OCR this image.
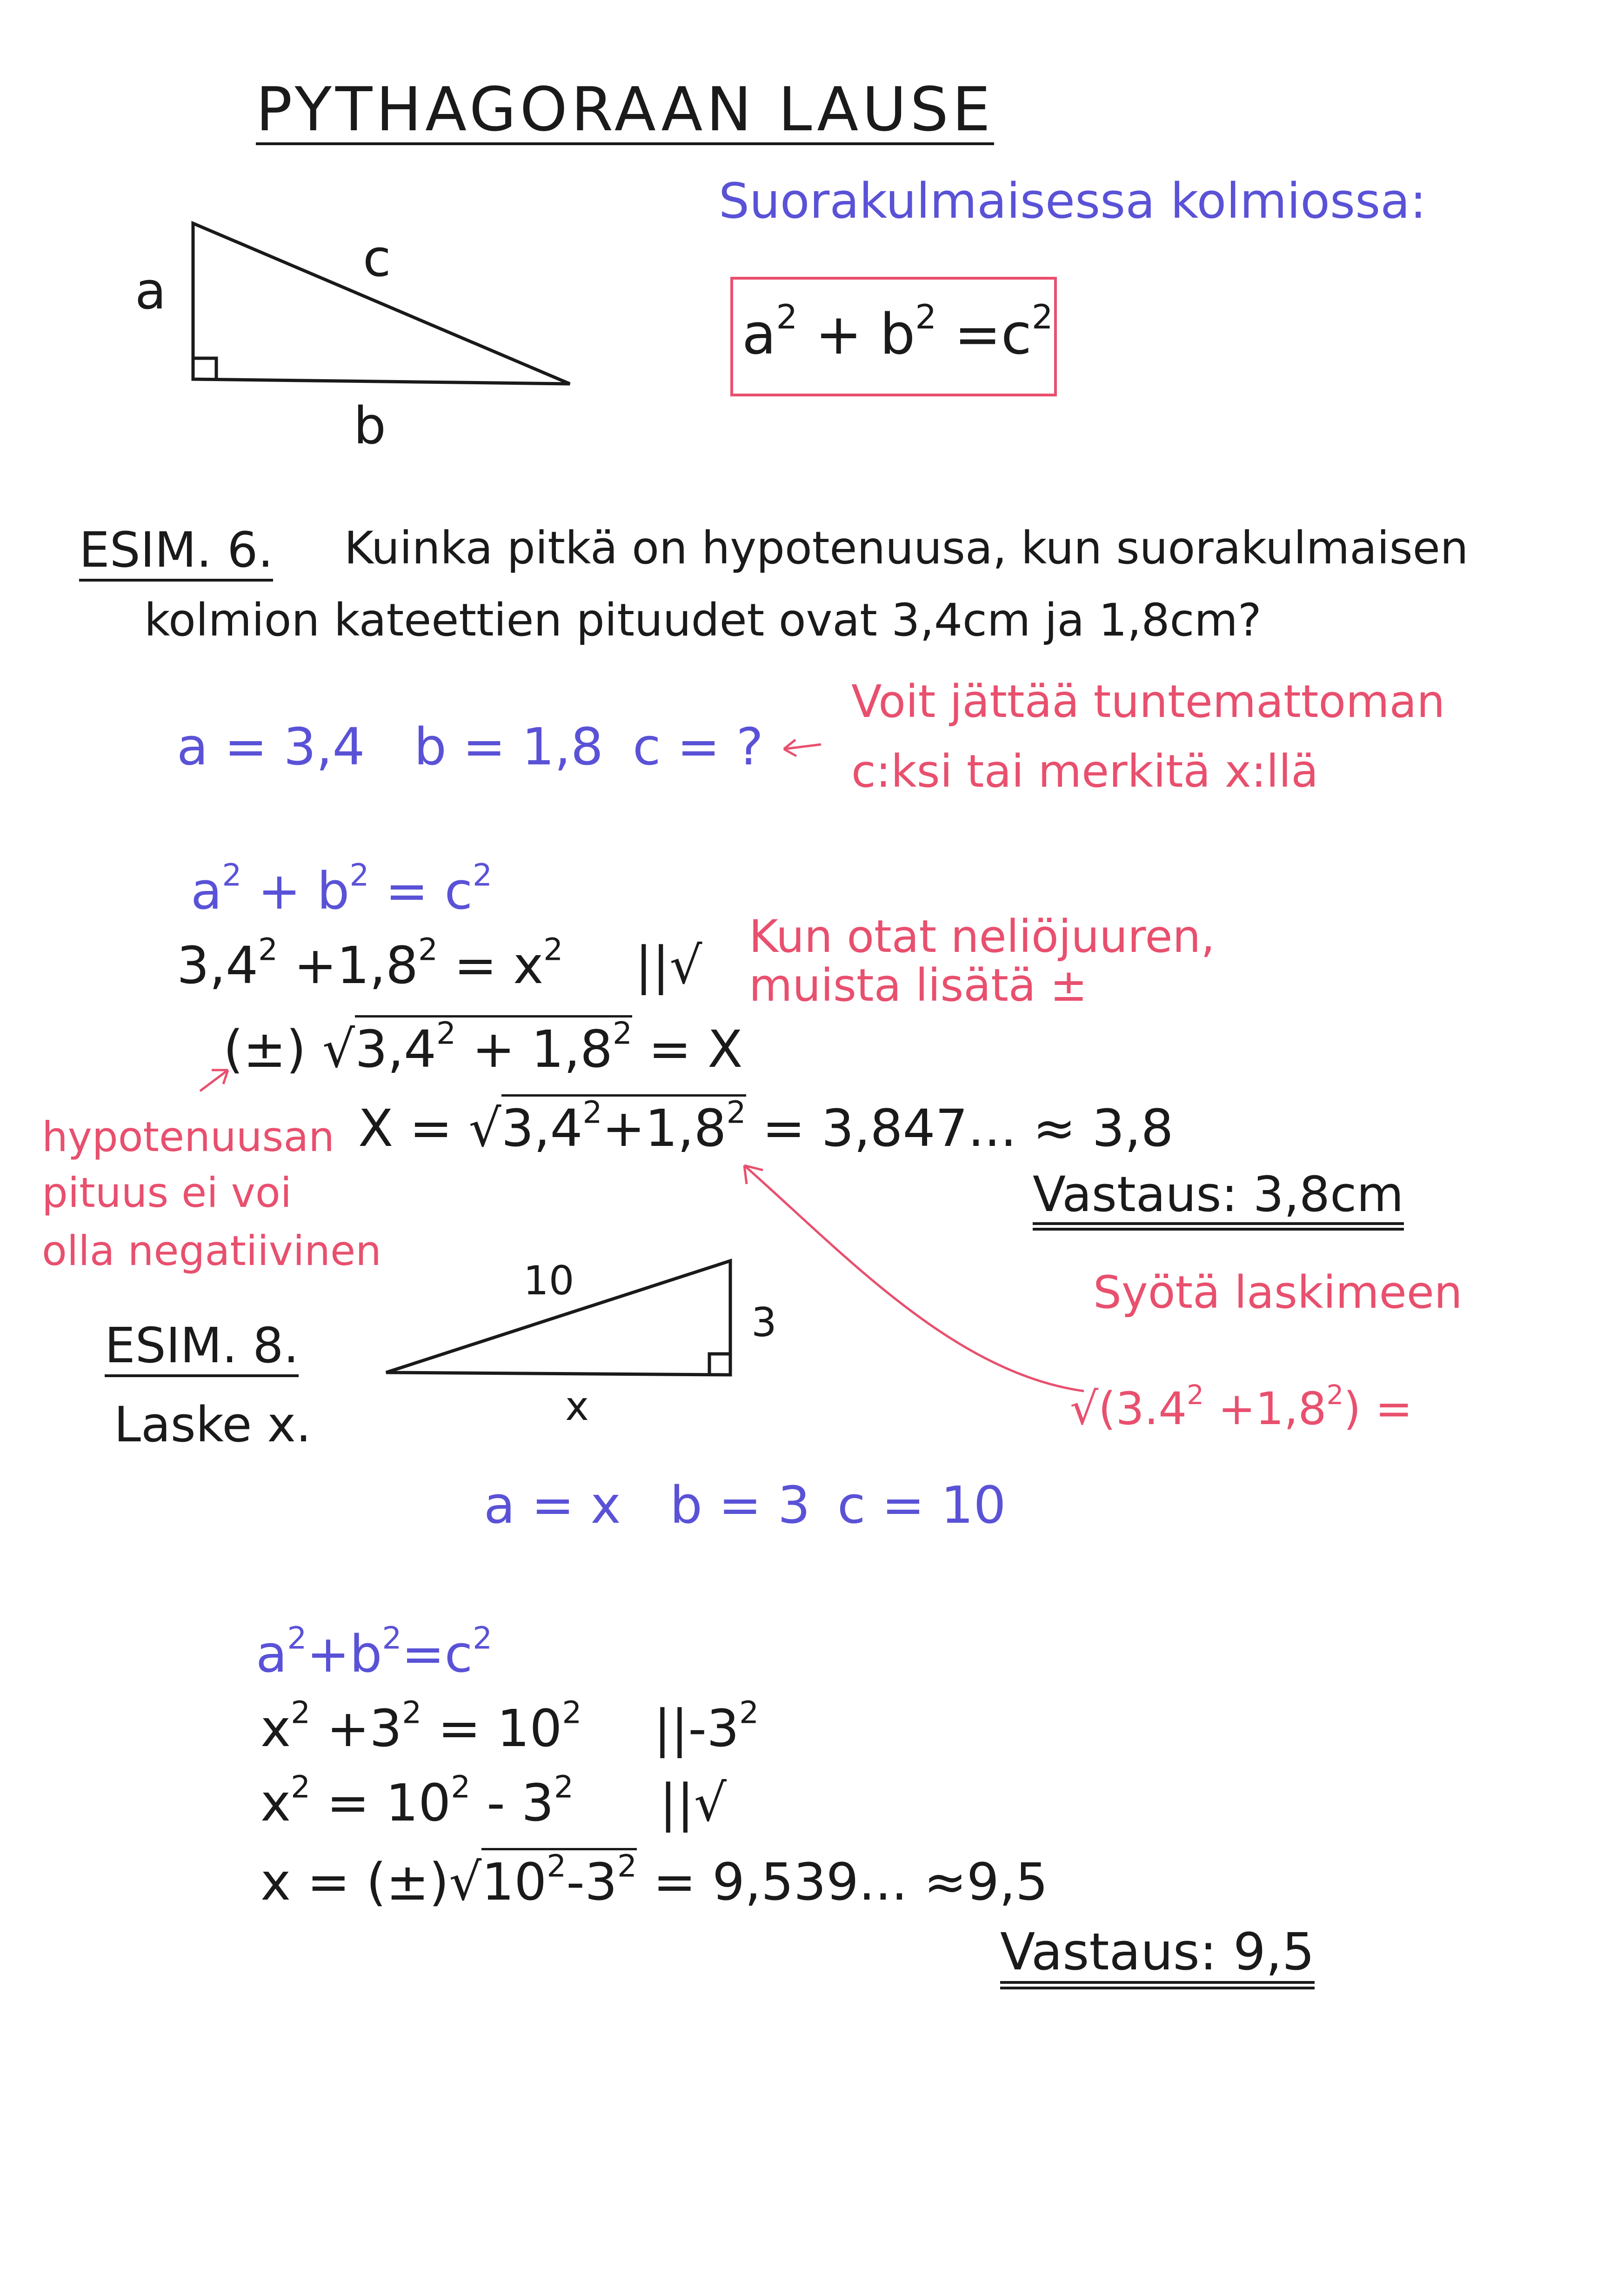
PYTHAGORAAN LAUSE
a
c
b
Suorakulmaisessa kolmiossa:
$a^2 + b^2 =c^2$
ESIM. 6. Kuinka pitkä on hypotenuusa, kun suorakulmaisen
kolmion kateettien pituudet ovat 3,4cm ja 1,8cm?
a = 3,4 b = 1,8 c = ?
Voit jättää tuntemattoman
c:ksi tai merkitä x:llä
$a^2 + b^2 = c^2$
$3,4^2 +1,8^2 = x^2$ ||√ Kun otat neliöjuuren,
muista lisätä ±
(±) $√3,4^2 + 1,8^2 = X$
$X = √3,4^2+1,8^2 = 3,847$... ≈ 3,8
hypotenuusan
pituus ei voi
olla negatiivinen
Vastaus: 3,8cm
Syötä laskimeen
$√(3.4^2 +1,8^2)$ =
ESIM. 8.
Laske x.
10
3
x
a = x b = 3 c = 10
$a^2+b^2=c^2$
$x^2 +3^2 = 10^2$ $||-3^2$
$x^2 = 10^2 - 3^2$ ||√
$x = (\pm)√10^2-3^2 = 9,539$... ≈9,5
Vastaus: 9,5
